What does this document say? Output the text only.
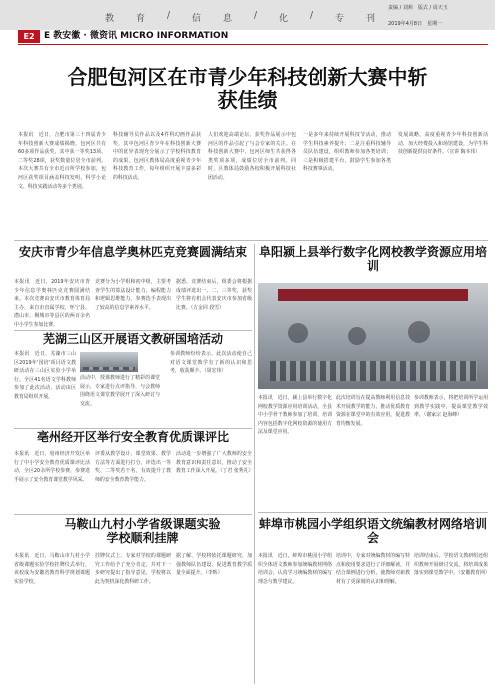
教 育 / 信 息 / 化 / 专 刊
责编 / 刘莉　版式 / 周天玉
2019年4月8日　星期一
E2	E 教安徽 · 微资讯 MICRO INFORMATION
合肥包河区在市青少年科技创新大赛中斩获佳绩
本报讯　近日，合肥市第三十四届青少年科技创新大赛成绩揭晓，包河区共有60多项作品获奖，其中获一等奖13项、二等奖28项，获奖数量位居全市前列。本次大赛共有全市近百所学校参加，包河区获奖项目涵盖科技发明、科学小论文、科技实践活动等多个类别。
科技辅导员作品以及4件科幻画作品获奖，其中包河区青少年在科技创新大赛中的优异表现充分展示了学校科技教育的成果。包河区教体局高度重视青少年科技教育工作，每年组织开展丰富多彩的科技活动。
人们欢迎高端论坛，获奖作品展示中包河区的作品引起了与会专家的关注。在科技创新大赛中，包河区师生共获得各类奖项多项，成绩位居全市前列。同时，区教体局鼓励各校积极开展科技社团活动。
一是多年来持续开展科技节活动，推动学生科技素养提升；二是注重科技辅导员队伍建设，组织教师参加各类培训；三是积极搭建平台，鼓励学生参加各类科技赛事活动。
发展战略，高度重视青少年科技创新活动，加大经费投入和场馆建设，为学生科技创新提供良好条件。（宣讲 陶本伟）
安庆市青少年信息学奥林匹克竞赛圆满结束
本报讯　近日，2019年安庆市青少年信息学奥林匹克竞赛圆满结束。本次竞赛由安庆市教育体育局主办，来自市直属学校、怀宁县、潜山市、桐城市等县区的两百余名中小学生参加比赛。
竞赛分为小学组和初中组，主要考查学生的算法设计能力、编程能力和逻辑思维能力，参赛选手表现出了较高的信息学素养水平。
据悉，竞赛结束后，组委会将根据成绩评选出一、二、三等奖，获奖学生将有机会代表安庆市参加省级比赛。（方金同 段雪）
芜湖三山区开展语文教研国培活动
本报讯　近日，芜湖市三山区2019年'国培'项目语文教研活动在三山区实验小学举行。全区41名语文学科教师参加了此次活动，活动由区教育局组织开展。
活动中，授课教师进行了精彩的课堂展示，专家进行点评指导，与会教师围绕语文课堂教学展开了深入研讨与交流。
参训教师纷纷表示，此次活动使自己对语文课堂教学有了新的认识和思考，收获颇丰。（周宏伟）
亳州经开区举行安全教育优质课评比
本报讯　近日，亳州经济开发区举行了中小学安全教育优质课评比活动，全区20余所学校参赛，参赛选手展示了安全教育课堂教学风采。
评委从教学设计、课堂效果、教学方法等方面进行打分，评选出一等奖、二等奖若干名，有效提升了教师的安全教育教学能力。
活动进一步增强了广大教师的安全教育意识和责任意识，推动了安全教育工作深入开展。（丁君 张秀礼）
马鞍山九村小学省级课题实验学校顺利挂牌
本报讯　近日，马鞍山市九村小学省级课题实验学校挂牌仪式举行，该校成为安徽省教育科学规划课题实验学校。
挂牌仪式上，专家对学校的课题研究工作给予了充分肯定，并对下一步研究提出了指导意见，学校将以此为契机深化教科研工作。
据了解，学校将依托课题研究，加强教师队伍建设，促进教育教学质量全面提升。（李辉）
阜阳颍上县举行数字化网校教学资源应用培训
本报讯　近日，颍上县举行数字化网校教学资源应用培训活动，全县中小学骨干教师参加了培训，培训内容包括数字化网校资源的使用方法及课堂应用。
此次培训旨在提高教师利用信息技术开展教学的能力，推动优质教育资源在课堂中的有效应用，促进教育均衡发展。
参训教师表示，将把培训所学运用到教学实践中，提高课堂教学效率。（谢家宗 赵海峰）
蚌埠市桃园小学组织语文统编教材网络培训会
本报讯　近日，蚌埠市桃园小学组织全体语文教师参加统编教材网络培训会，认真学习统编教材的编写理念与教学建议。
培训中，专家对统编教材的编写特点和使用要求进行了详细解读，并结合课例进行分析，使教师对新教材有了更深刻的认识和理解。
培训结束后，学校语文教研组还组织教师开展研讨交流，将培训成果落实到课堂教学中。（安徽教育网）
